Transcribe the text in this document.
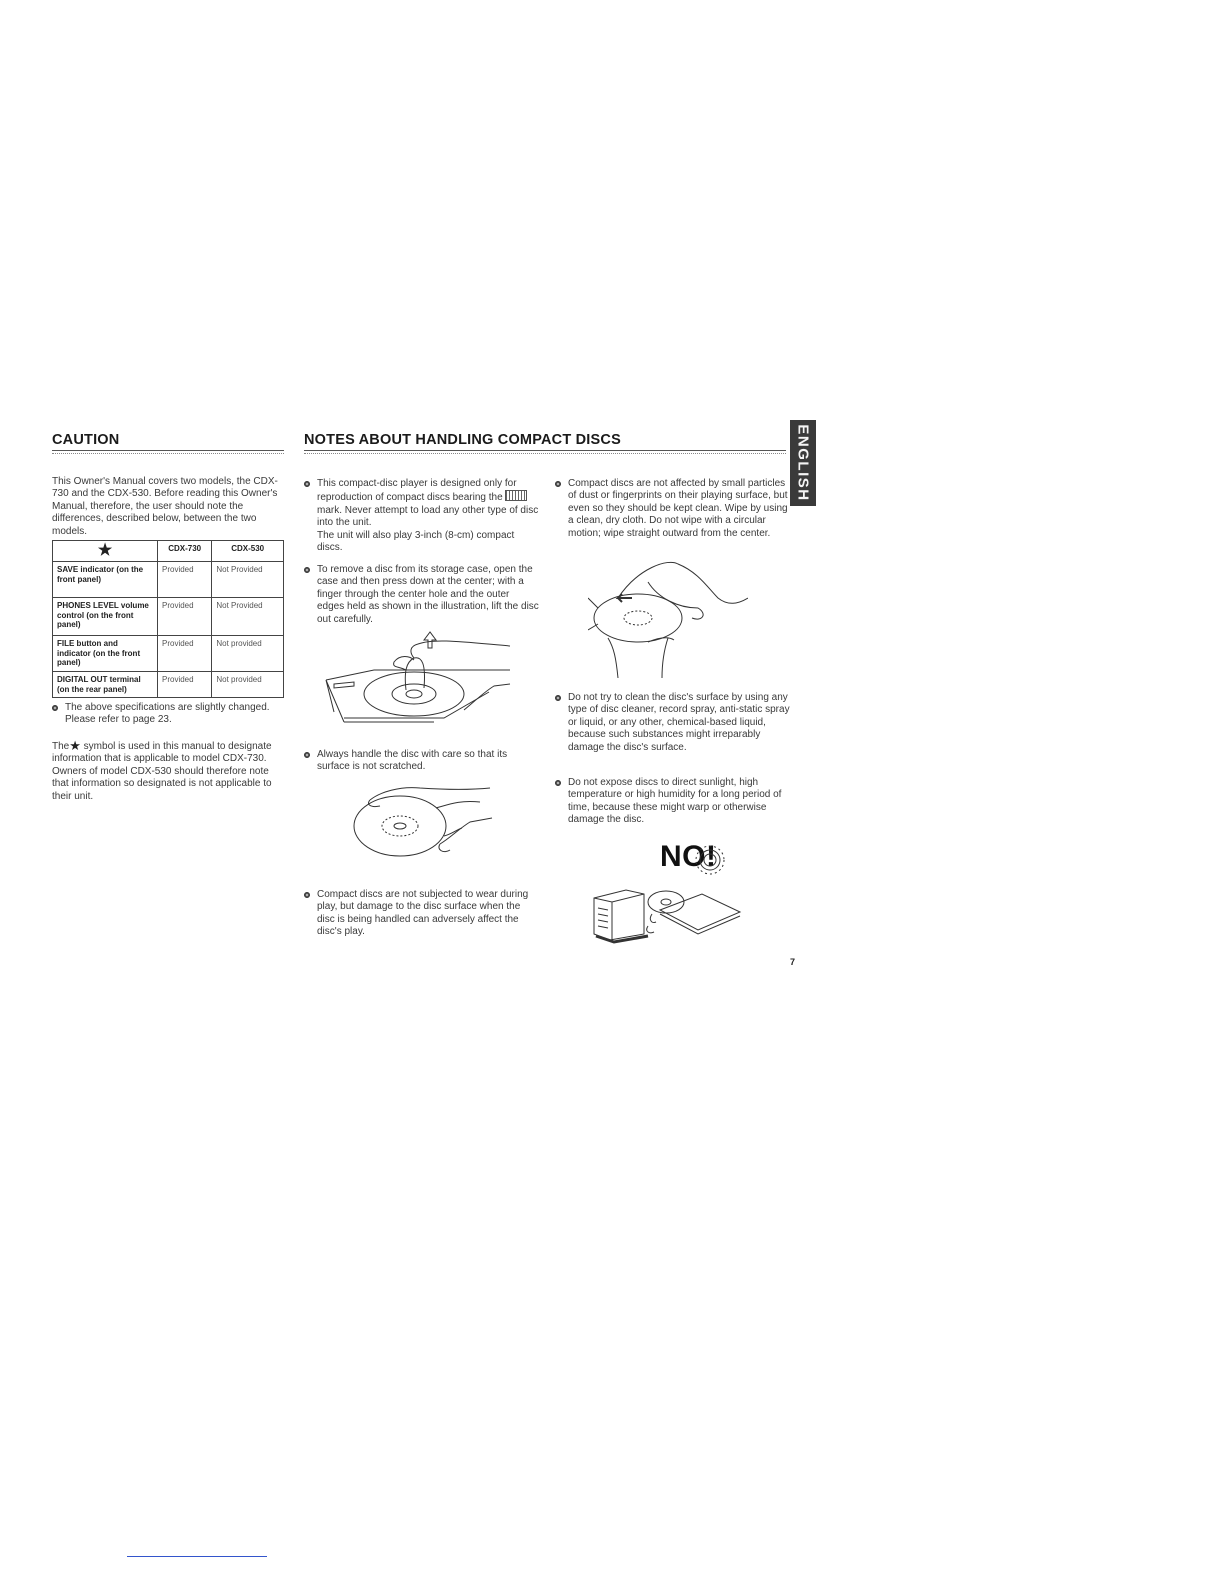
CAUTION	NOTES ABOUT HANDLING COMPACT DISCS	ENGLISH

This Owner's Manual covers two models, the CDX-730 and the CDX-530. Before reading this Owner's Manual, therefore, the user should note the differences, described below, between the two models.

★	CDX-730	CDX-530
SAVE indicator (on the front panel)	Provided	Not Provided
PHONES LEVEL volume control (on the front panel)	Provided	Not Provided
FILE button and indicator (on the front panel)	Provided	Not provided
DIGITAL OUT terminal (on the rear panel)	Provided	Not provided
The above specifications are slightly changed. Please refer to page 23.

The★ symbol is used in this manual to designate information that is applicable to model CDX-730. Owners of model CDX-530 should therefore note that information so designated is not applicable to their unit.

This compact-disc player is designed only for reproduction of compact discs bearing the  mark. Never attempt to load any other type of disc into the unit.
The unit will also play 3-inch (8-cm) compact discs.
To remove a disc from its storage case, open the case and then press down at the center; with a finger through the center hole and the outer edges held as shown in the illustration, lift the disc out carefully.
Always handle the disc with care so that its surface is not scratched.
Compact discs are not subjected to wear during play, but damage to the disc surface when the disc is being handled can adversely affect the disc's play.
Compact discs are not affected by small particles of dust or fingerprints on their playing surface, but even so they should be kept clean. Wipe by using a clean, dry cloth. Do not wipe with a circular motion; wipe straight outward from the center.
Do not try to clean the disc's surface by using any type of disc cleaner, record spray, anti-static spray or liquid, or any other, chemical-based liquid, because such substances might irreparably damage the disc's surface.
Do not expose discs to direct sunlight, high temperature or high humidity for a long period of time, because these might warp or otherwise damage the disc.
NO!
7
